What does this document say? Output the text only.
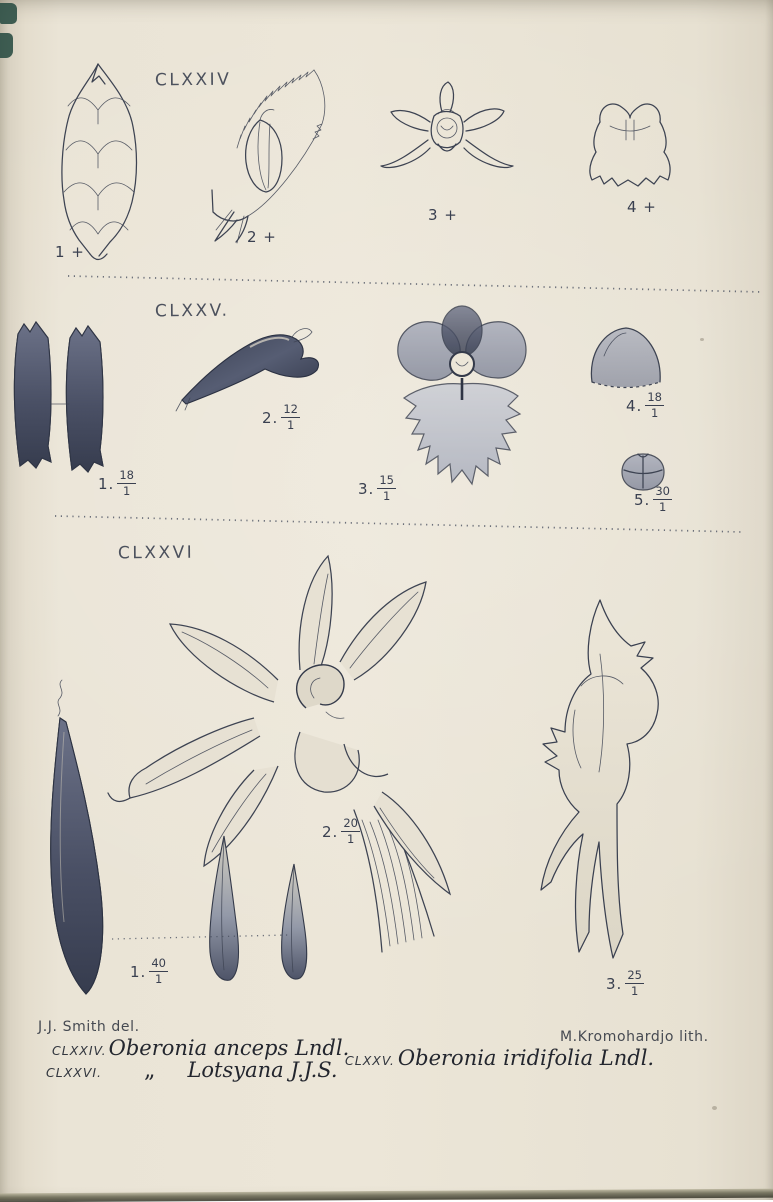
CLXXIV
1 +
2 +
3 +	4 +
CLXXV.
1. $\frac{18}{1}$
2. $\frac{12}{1}$
3. $\frac{15}{1}$
4. $\frac{18}{1}$
5. $\frac{30}{1}$
CLXXVI
2. $\frac{20}{1}$
1. $\frac{40}{1}$	3. $\frac{25}{1}$
J.J. Smith del.
M.Kromohardjo lith.
CLXXIV.Oberonia anceps Lndl.
CLXXV. Oberonia iridifolia Lndl.
CLXXVI. „ Lotsyana J.J.S.
